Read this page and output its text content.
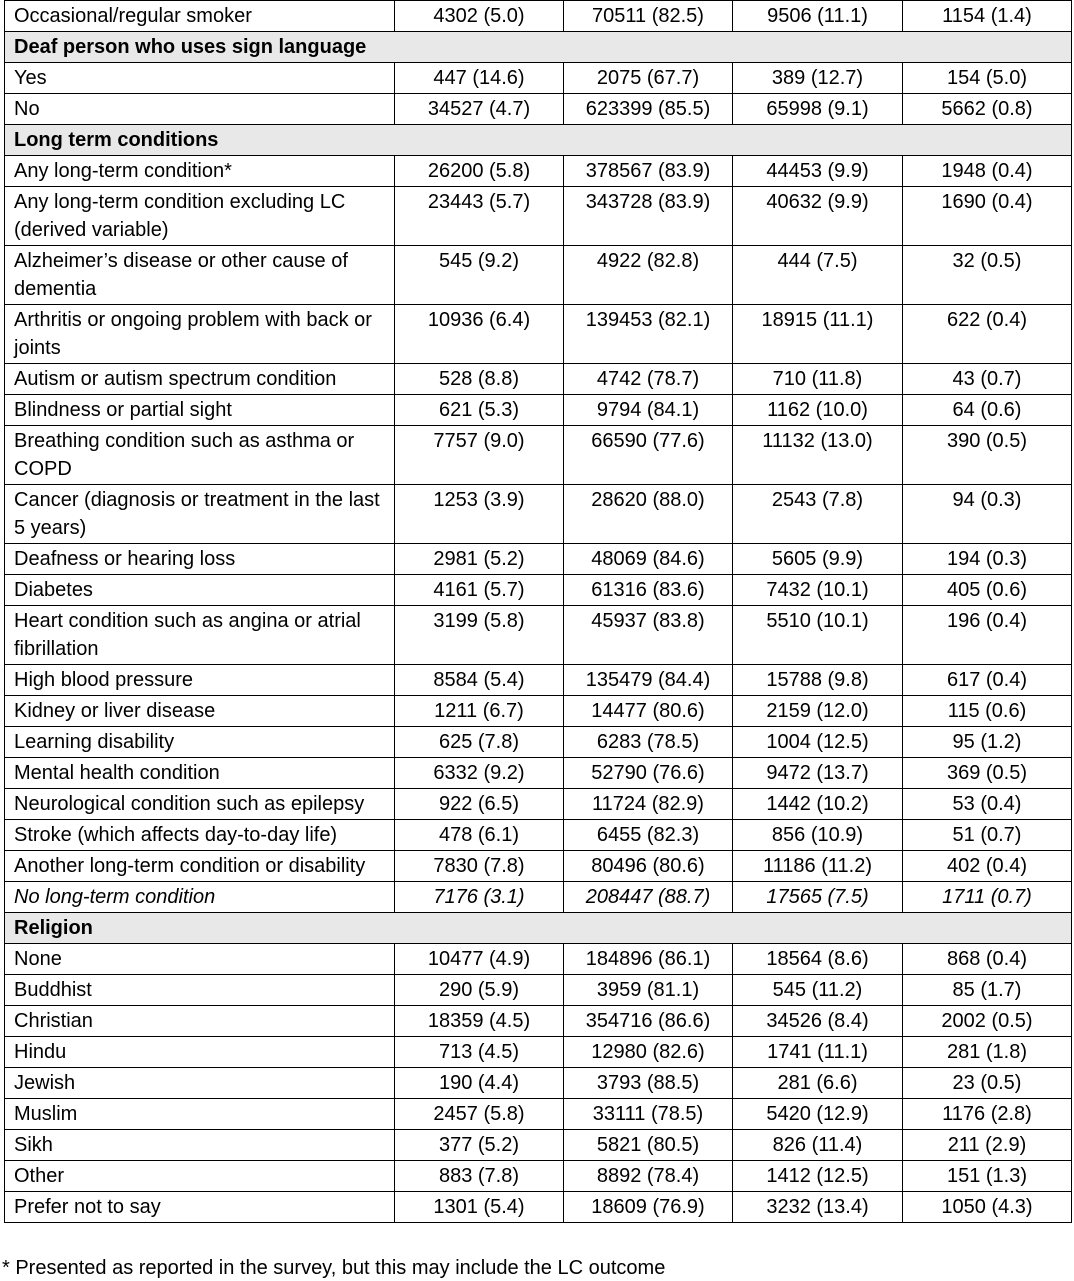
Occasional/regular smoker	4302 (5.0)	70511 (82.5)	9506 (11.1)	1154 (1.4)
Deaf person who uses sign language				
Yes	447 (14.6)	2075 (67.7)	389 (12.7)	154 (5.0)
No	34527 (4.7)	623399 (85.5)	65998 (9.1)	5662 (0.8)
Long term conditions				
Any long-term condition*	26200 (5.8)	378567 (83.9)	44453 (9.9)	1948 (0.4)
Any long-term condition excluding LC (derived variable)	23443 (5.7)	343728 (83.9)	40632 (9.9)	1690 (0.4)
Alzheimer’s disease or other cause of dementia	545 (9.2)	4922 (82.8)	444 (7.5)	32 (0.5)
Arthritis or ongoing problem with back or joints	10936 (6.4)	139453 (82.1)	18915 (11.1)	622 (0.4)
Autism or autism spectrum condition	528 (8.8)	4742 (78.7)	710 (11.8)	43 (0.7)
Blindness or partial sight	621 (5.3)	9794 (84.1)	1162 (10.0)	64 (0.6)
Breathing condition such as asthma or COPD	7757 (9.0)	66590 (77.6)	11132 (13.0)	390 (0.5)
Cancer (diagnosis or treatment in the last 5 years)	1253 (3.9)	28620 (88.0)	2543 (7.8)	94 (0.3)
Deafness or hearing loss	2981 (5.2)	48069 (84.6)	5605 (9.9)	194 (0.3)
Diabetes	4161 (5.7)	61316 (83.6)	7432 (10.1)	405 (0.6)
Heart condition such as angina or atrial fibrillation	3199 (5.8)	45937 (83.8)	5510 (10.1)	196 (0.4)
High blood pressure	8584 (5.4)	135479 (84.4)	15788 (9.8)	617 (0.4)
Kidney or liver disease	1211 (6.7)	14477 (80.6)	2159 (12.0)	115 (0.6)
Learning disability	625 (7.8)	6283 (78.5)	1004 (12.5)	95 (1.2)
Mental health condition	6332 (9.2)	52790 (76.6)	9472 (13.7)	369 (0.5)
Neurological condition such as epilepsy	922 (6.5)	11724 (82.9)	1442 (10.2)	53 (0.4)
Stroke (which affects day-to-day life)	478 (6.1)	6455 (82.3)	856 (10.9)	51 (0.7)
Another long-term condition or disability	7830 (7.8)	80496 (80.6)	11186 (11.2)	402 (0.4)
No long-term condition	7176 (3.1)	208447 (88.7)	17565 (7.5)	1711 (0.7)
Religion				
None	10477 (4.9)	184896 (86.1)	18564 (8.6)	868 (0.4)
Buddhist	290 (5.9)	3959 (81.1)	545 (11.2)	85 (1.7)
Christian	18359 (4.5)	354716 (86.6)	34526 (8.4)	2002 (0.5)
Hindu	713 (4.5)	12980 (82.6)	1741 (11.1)	281 (1.8)
Jewish	190 (4.4)	3793 (88.5)	281 (6.6)	23 (0.5)
Muslim	2457 (5.8)	33111 (78.5)	5420 (12.9)	1176 (2.8)
Sikh	377 (5.2)	5821 (80.5)	826 (11.4)	211 (2.9)
Other	883 (7.8)	8892 (78.4)	1412 (12.5)	151 (1.3)
Prefer not to say	1301 (5.4)	18609 (76.9)	3232 (13.4)	1050 (4.3)
* Presented as reported in the survey, but this may include the LC outcome
